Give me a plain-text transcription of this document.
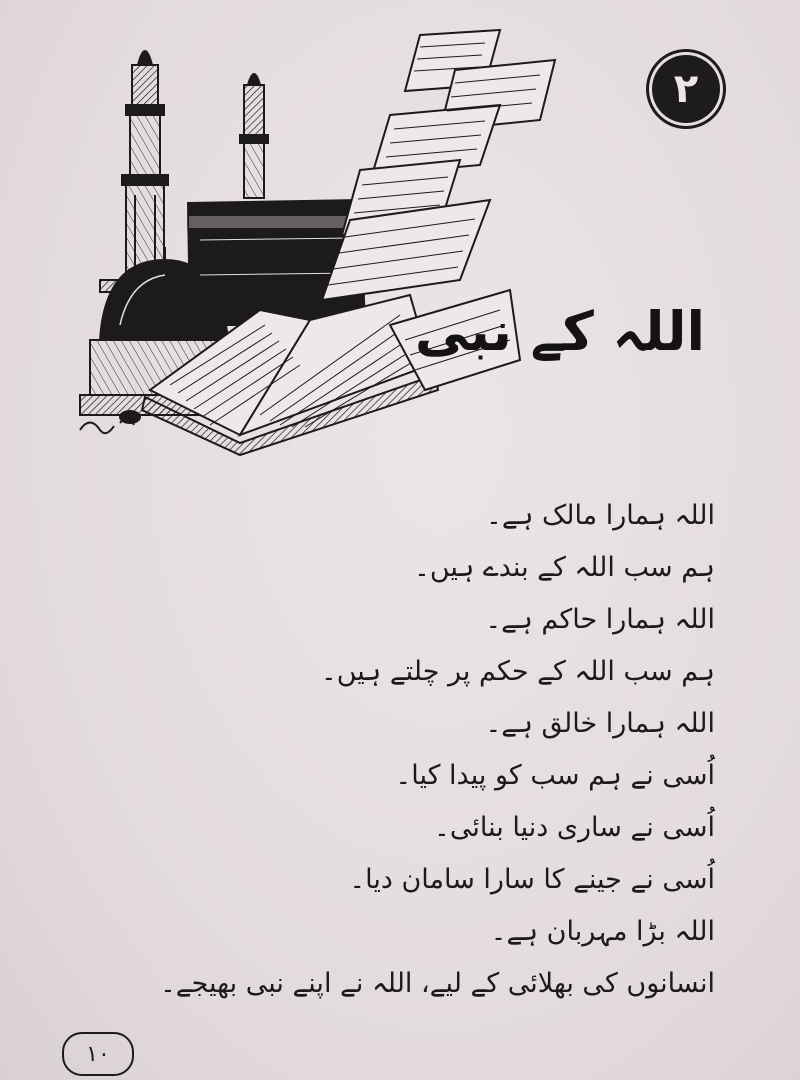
۲
اللہ کے نبی
اللہ ہمارا مالک ہے۔
ہم سب اللہ کے بندے ہیں۔
اللہ ہمارا حاکم ہے۔
ہم سب اللہ کے حکم پر چلتے ہیں۔
اللہ ہمارا خالق ہے۔
اُسی نے ہم سب کو پیدا کیا۔
اُسی نے ساری دنیا بنائی۔
اُسی نے جینے کا سارا سامان دیا۔
اللہ بڑا مہربان ہے۔
انسانوں کی بھلائی کے لیے، اللہ نے اپنے نبی بھیجے۔
۱۰
